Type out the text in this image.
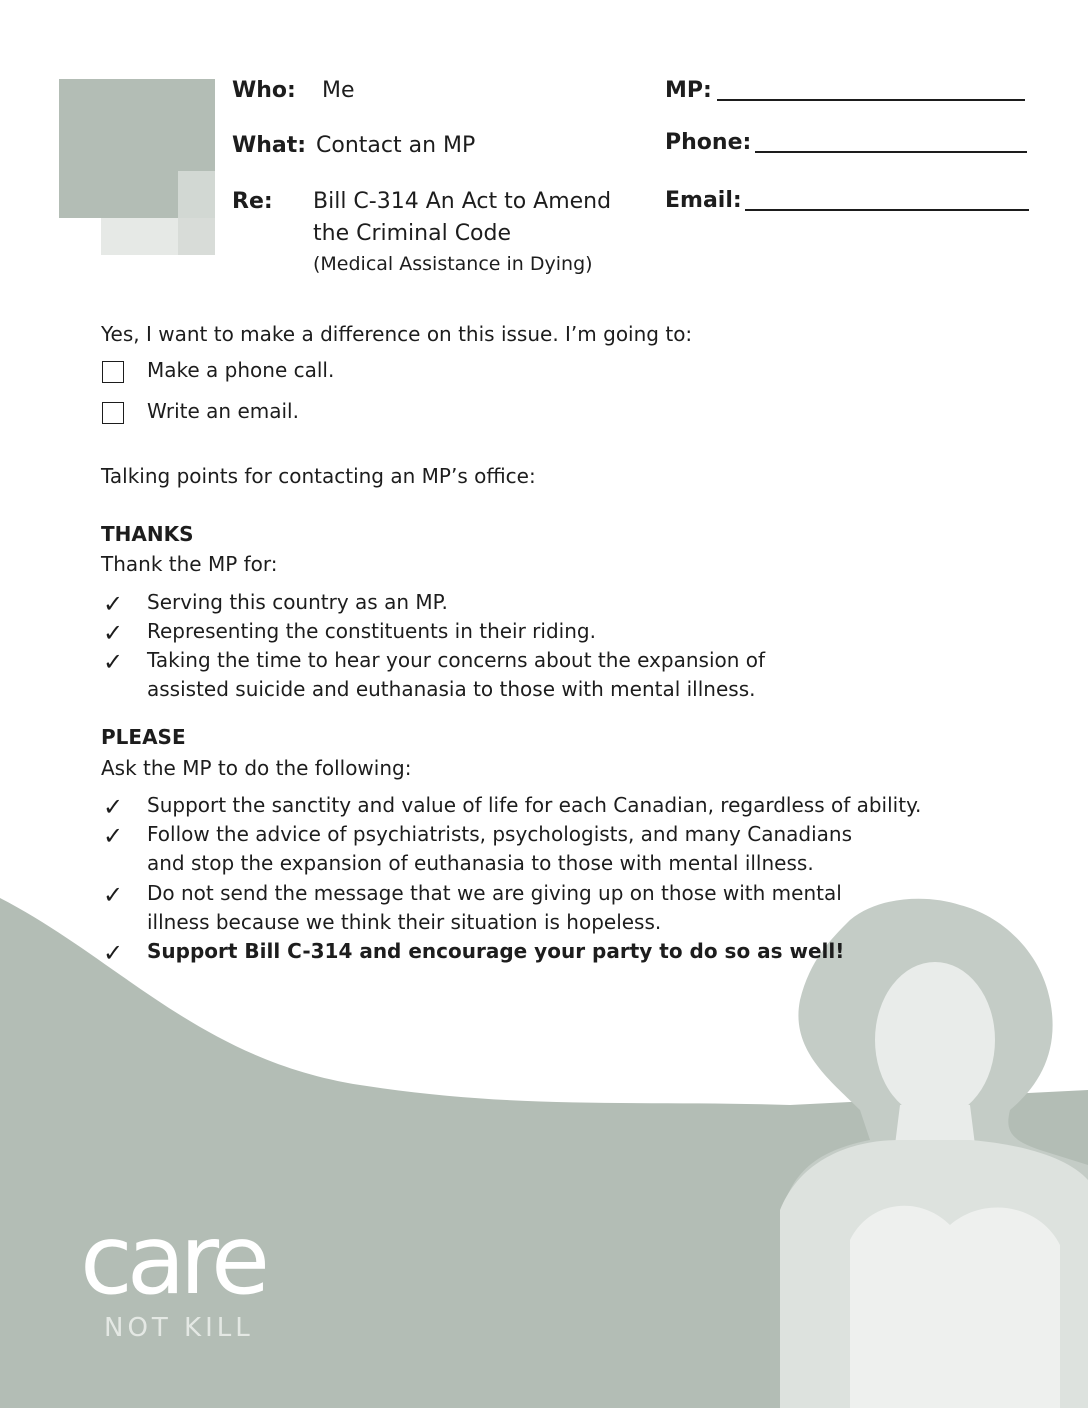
Who: Me
What: Contact an MP
Re: Bill C-314 An Act to Amend
the Criminal Code
(Medical Assistance in Dying)
MP:
Phone:
Email:
Yes, I want to make a difference on this issue. I’m going to:
Make a phone call.
Write an email.
Talking points for contacting an MP’s office:
THANKS
Thank the MP for:
✓ Serving this country as an MP.
✓ Representing the constituents in their riding.
✓ Taking the time to hear your concerns about the expansion of
assisted suicide and euthanasia to those with mental illness.
PLEASE
Ask the MP to do the following:
✓ Support the sanctity and value of life for each Canadian, regardless of ability.
✓ Follow the advice of psychiatrists, psychologists, and many Canadians
and stop the expansion of euthanasia to those with mental illness.
✓ Do not send the message that we are giving up on those with mental
illness because we think their situation is hopeless.
✓ Support Bill C-314 and encourage your party to do so as well!
care
NOT KILL
